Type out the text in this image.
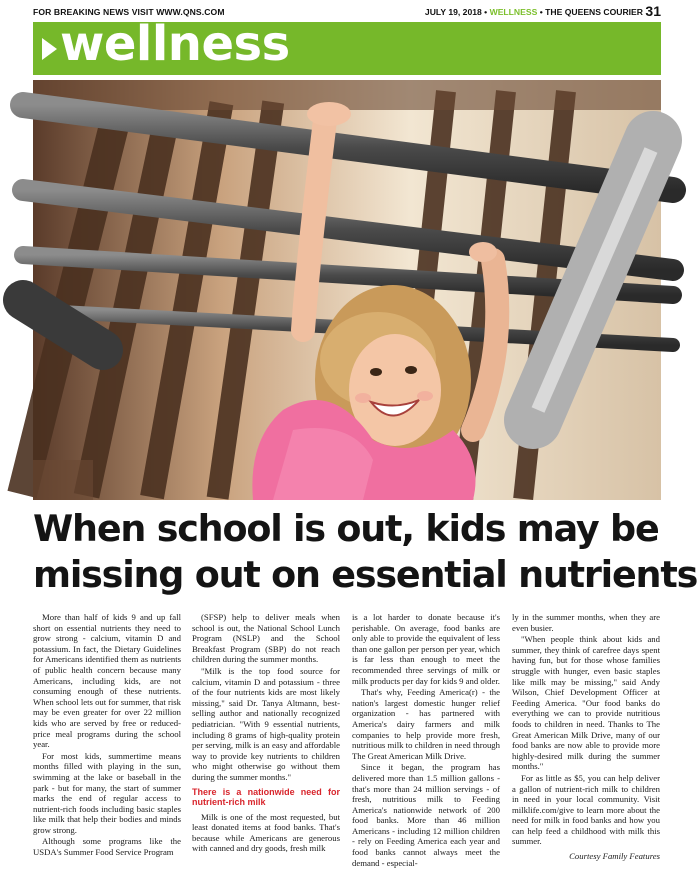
FOR BREAKING NEWS VISIT WWW.QNS.COM	JULY 19, 2018 • WELLNESS • THE QUEENS COURIER 31
wellness
When school is out, kids may be
missing out on essential nutrients

More than half of kids 9 and up fall short on essential nutrients they need to grow strong - calcium, vitamin D and potassium. In fact, the Dietary Guidelines for Americans identified them as nutrients of public health concern because many Americans, including kids, are not consuming enough of these nutrients. When school lets out for summer, that risk may be even greater for over 22 million kids who are served by free or reduced-price meal programs during the school year.

For most kids, summertime means months filled with playing in the sun, swimming at the lake or baseball in the park - but for many, the start of summer marks the end of regular access to nutrient-rich foods including basic staples like milk that help their bodies and minds grow strong.

Although some programs like the USDA's Summer Food Service Program

(SFSP) help to deliver meals when school is out, the National School Lunch Program (NSLP) and the School Breakfast Program (SBP) do not reach children during the summer months.

"Milk is the top food source for calcium, vitamin D and potassium - three of the four nutrients kids are most likely missing," said Dr. Tanya Altmann, best-selling author and nationally recognized pediatrician. "With 9 essential nutrients, including 8 grams of high-quality protein per serving, milk is an easy and affordable way to provide key nutrients to children who might otherwise go without them during the summer months."

There is a nationwide need for nutrient-rich milk

Milk is one of the most requested, but least donated items at food banks. That's because while Americans are generous with canned and dry goods, fresh milk

is a lot harder to donate because it's perishable. On average, food banks are only able to provide the equivalent of less than one gallon per person per year, which is far less than enough to meet the recommended three servings of milk or milk products per day for kids 9 and older.

That's why, Feeding America(r) - the nation's largest domestic hunger relief organization - has partnered with America's dairy farmers and milk companies to help provide more fresh, nutritious milk to children in need through The Great American Milk Drive.

Since it began, the program has delivered more than 1.5 million gallons - that's more than 24 million servings - of fresh, nutritious milk to Feeding America's nationwide network of 200 food banks. More than 46 million Americans - including 12 million children - rely on Feeding America each year and food banks cannot always meet the demand - especial-

ly in the summer months, when they are even busier.

"When people think about kids and summer, they think of carefree days spent having fun, but for those whose families struggle with hunger, even basic staples like milk may be missing," said Andy Wilson, Chief Development Officer at Feeding America. "Our food banks do everything we can to provide nutritious foods to children in need. Thanks to The Great American Milk Drive, many of our food banks are now able to provide more highly-desired milk during the summer months."

For as little as $5, you can help deliver a gallon of nutrient-rich milk to children in need in your local community. Visit milklife.com/give to learn more about the need for milk in food banks and how you can help feed a childhood with milk this summer.

Courtesy Family Features
